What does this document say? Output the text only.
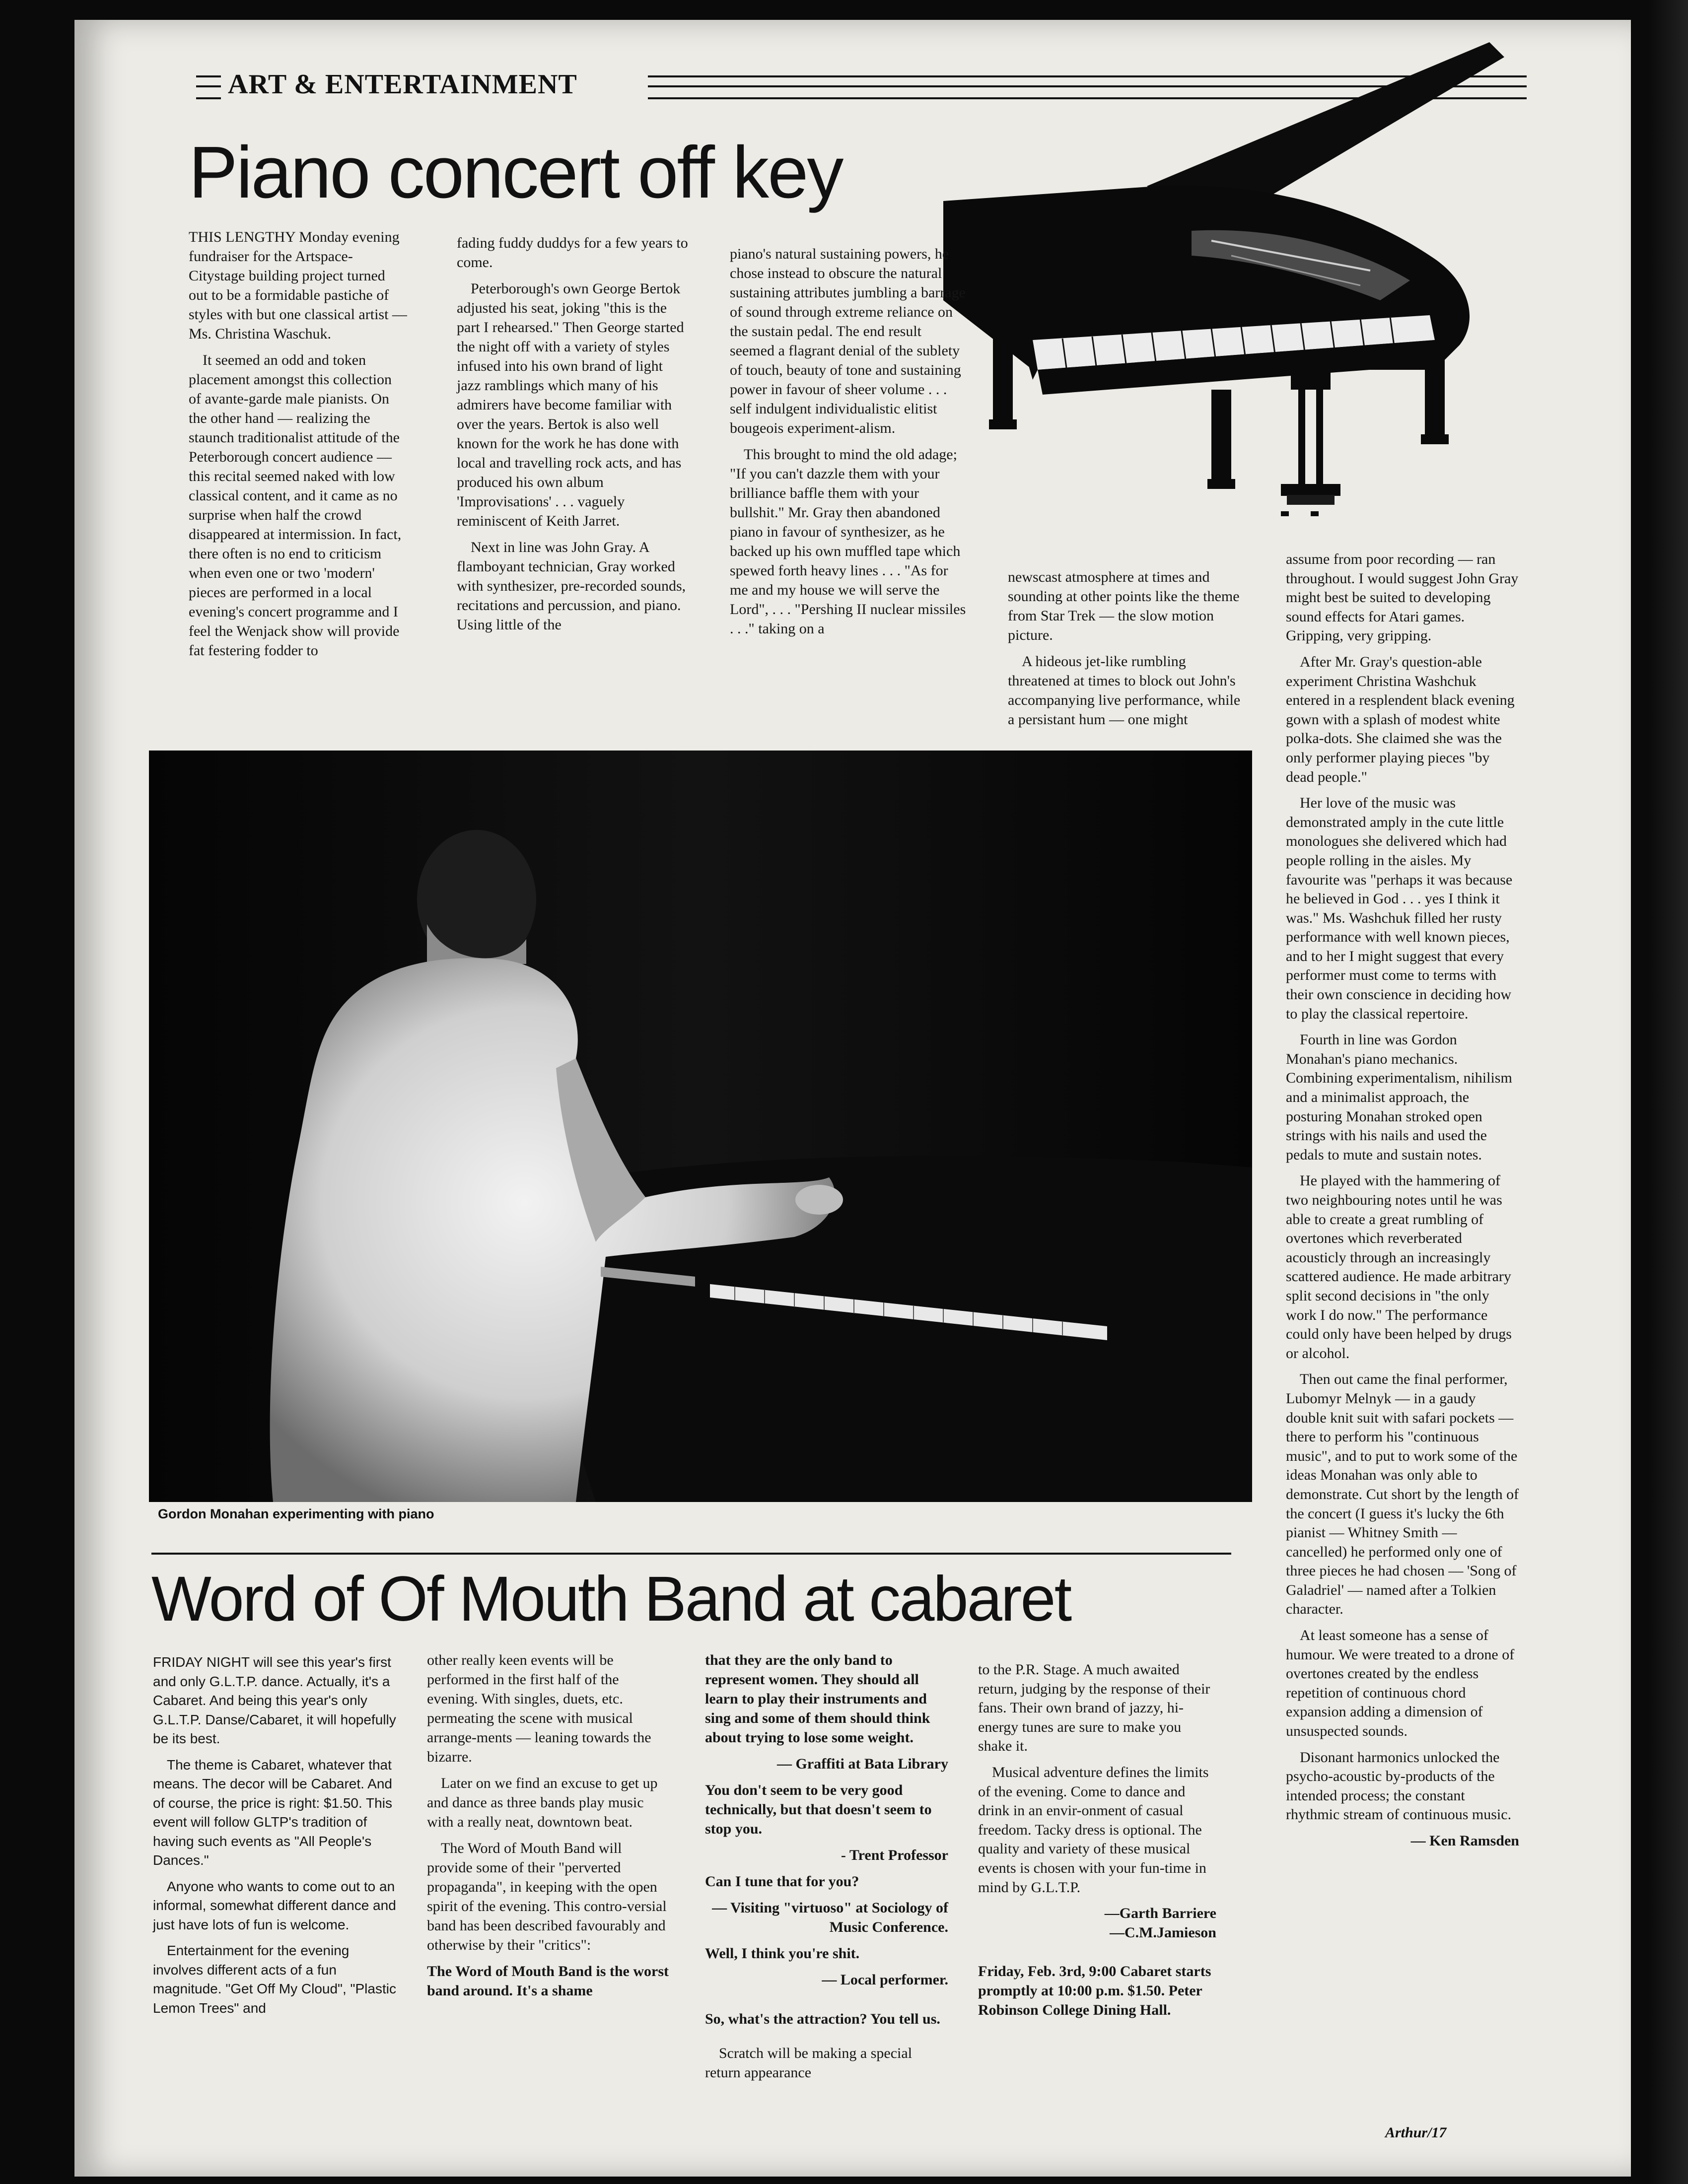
ART & ENTERTAINMENT
Piano concert off key

THIS LENGTHY Monday evening fundraiser for the Artspace-Citystage building project turned out to be a formidable pastiche of styles with but one classical artist — Ms. Christina Waschuk.

It seemed an odd and token placement amongst this collection of avante-garde male pianists. On the other hand — realizing the staunch traditionalist attitude of the Peterborough concert audience — this recital seemed naked with low classical content, and it came as no surprise when half the crowd disappeared at intermission. In fact, there often is no end to criticism when even one or two 'modern' pieces are performed in a local evening's concert programme and I feel the Wenjack show will provide fat festering fodder to

fading fuddy duddys for a few years to come.

Peterborough's own George Bertok adjusted his seat, joking "this is the part I rehearsed." Then George started the night off with a variety of styles infused into his own brand of light jazz ramblings which many of his admirers have become familiar with over the years. Bertok is also well known for the work he has done with local and travelling rock acts, and has produced his own album 'Improvisations' . . . vaguely reminiscent of Keith Jarret.

Next in line was John Gray. A flamboyant technician, Gray worked with synthesizer, pre-recorded sounds, recitations and percussion, and piano. Using little of the

piano's natural sustaining powers, he chose instead to obscure the natural sustaining attributes jumbling a barrage of sound through extreme reliance on the sustain pedal. The end result seemed a flagrant denial of the sublety of touch, beauty of tone and sustaining power in favour of sheer volume . . . self indulgent individualistic elitist bougeois experiment-alism.

This brought to mind the old adage; "If you can't dazzle them with your brilliance baffle them with your bullshit." Mr. Gray then abandoned piano in favour of synthesizer, as he backed up his own muffled tape which spewed forth heavy lines . . . "As for me and my house we will serve the Lord", . . . "Pershing II nuclear missiles . . ." taking on a

newscast atmosphere at times and sounding at other points like the theme from Star Trek — the slow motion picture.

A hideous jet-like rumbling threatened at times to block out John's accompanying live performance, while a persistant hum — one might

assume from poor recording — ran throughout. I would suggest John Gray might best be suited to developing sound effects for Atari games. Gripping, very gripping.

After Mr. Gray's question-able experiment Christina Washchuk entered in a resplendent black evening gown with a splash of modest white polka-dots. She claimed she was the only performer playing pieces "by dead people."

Her love of the music was demonstrated amply in the cute little monologues she delivered which had people rolling in the aisles. My favourite was "perhaps it was because he believed in God . . . yes I think it was." Ms. Washchuk filled her rusty performance with well known pieces, and to her I might suggest that every performer must come to terms with their own conscience in deciding how to play the classical repertoire.

Fourth in line was Gordon Monahan's piano mechanics. Combining experimentalism, nihilism and a minimalist approach, the posturing Monahan stroked open strings with his nails and used the pedals to mute and sustain notes.

He played with the hammering of two neighbouring notes until he was able to create a great rumbling of overtones which reverberated acousticly through an increasingly scattered audience. He made arbitrary split second decisions in "the only work I do now." The performance could only have been helped by drugs or alcohol.

Then out came the final performer, Lubomyr Melnyk — in a gaudy double knit suit with safari pockets — there to perform his "continuous music", and to put to work some of the ideas Monahan was only able to demonstrate. Cut short by the length of the concert (I guess it's lucky the 6th pianist — Whitney Smith — cancelled) he performed only one of three pieces he had chosen — 'Song of Galadriel' — named after a Tolkien character.

At least someone has a sense of humour. We were treated to a drone of overtones created by the endless repetition of continuous chord expansion adding a dimension of unsuspected sounds.

Disonant harmonics unlocked the psycho-acoustic by-products of the intended process; the constant rhythmic stream of continuous music.

— Ken Ramsden

Gordon Monahan experimenting with piano
Word of Of Mouth Band at cabaret

FRIDAY NIGHT will see this year's first and only G.L.T.P. dance. Actually, it's a Cabaret. And being this year's only G.L.T.P. Danse/Cabaret, it will hopefully be its best.

The theme is Cabaret, whatever that means. The decor will be Cabaret. And of course, the price is right: $1.50. This event will follow GLTP's tradition of having such events as "All People's Dances."

Anyone who wants to come out to an informal, somewhat different dance and just have lots of fun is welcome.

Entertainment for the evening involves different acts of a fun magnitude. "Get Off My Cloud", "Plastic Lemon Trees" and

other really keen events will be performed in the first half of the evening. With singles, duets, etc. permeating the scene with musical arrange-ments — leaning towards the bizarre.

Later on we find an excuse to get up and dance as three bands play music with a really neat, downtown beat.

The Word of Mouth Band will provide some of their "perverted propaganda", in keeping with the open spirit of the evening. This contro-versial band has been described favourably and otherwise by their "critics":

The Word of Mouth Band is the worst band around. It's a shame

that they are the only band to represent women. They should all learn to play their instruments and sing and some of them should think about trying to lose some weight.

— Graffiti at Bata Library

You don't seem to be very good technically, but that doesn't seem to stop you.

- Trent Professor

Can I tune that for you?

— Visiting "virtuoso" at Sociology of Music Conference.

Well, I think you're shit.

— Local performer.

So, what's the attraction? You tell us.

Scratch will be making a special return appearance

to the P.R. Stage. A much awaited return, judging by the response of their fans. Their own brand of jazzy, hi-energy tunes are sure to make you shake it.

Musical adventure defines the limits of the evening. Come to dance and drink in an envir-onment of casual freedom. Tacky dress is optional. The quality and variety of these musical events is chosen with your fun-time in mind by G.L.T.P.

—Garth Barriere

—C.M.Jamieson

Friday, Feb. 3rd, 9:00 Cabaret starts promptly at 10:00 p.m. $1.50. Peter Robinson College Dining Hall.

Arthur/17
